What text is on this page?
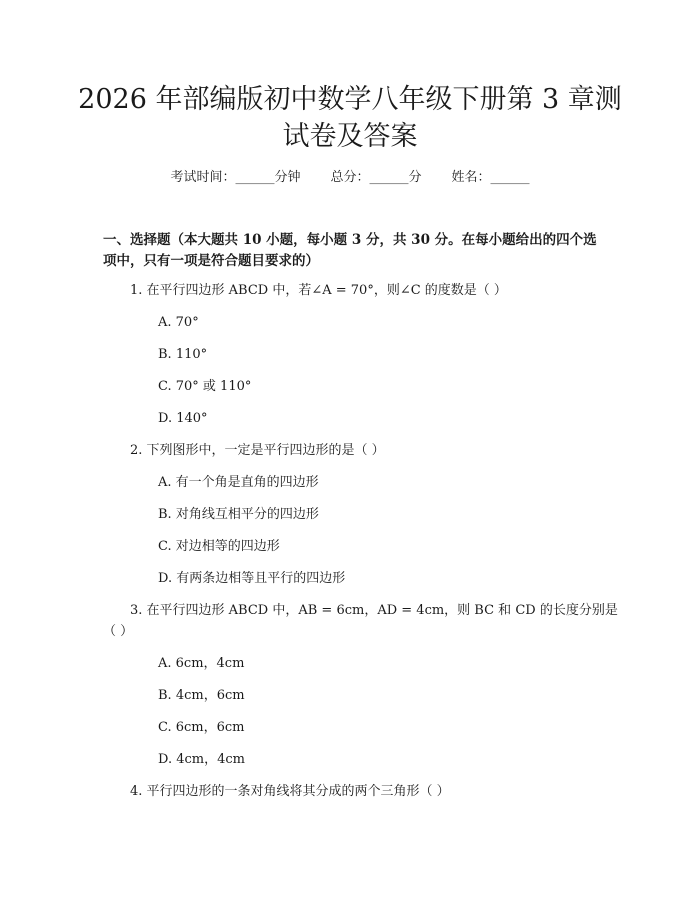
2026 年部编版初中数学八年级下册第 3 章测
试卷及答案
考试时间：______分钟 总分：______分 姓名：______
一、选择题（本大题共 10 小题，每小题 3 分，共 30 分。在每小题给出的四个选
项中，只有一项是符合题目要求的）
1. 在平行四边形 ABCD 中，若∠A = 70°，则∠C 的度数是（ ）
A. 70°
B. 110°
C. 70° 或 110°
D. 140°
2. 下列图形中，一定是平行四边形的是（ ）
A. 有一个角是直角的四边形
B. 对角线互相平分的四边形
C. 对边相等的四边形
D. 有两条边相等且平行的四边形
3. 在平行四边形 ABCD 中，AB = 6cm，AD = 4cm，则 BC 和 CD 的长度分别是
（ ）
A. 6cm，4cm
B. 4cm，6cm
C. 6cm，6cm
D. 4cm，4cm
4. 平行四边形的一条对角线将其分成的两个三角形（ ）
